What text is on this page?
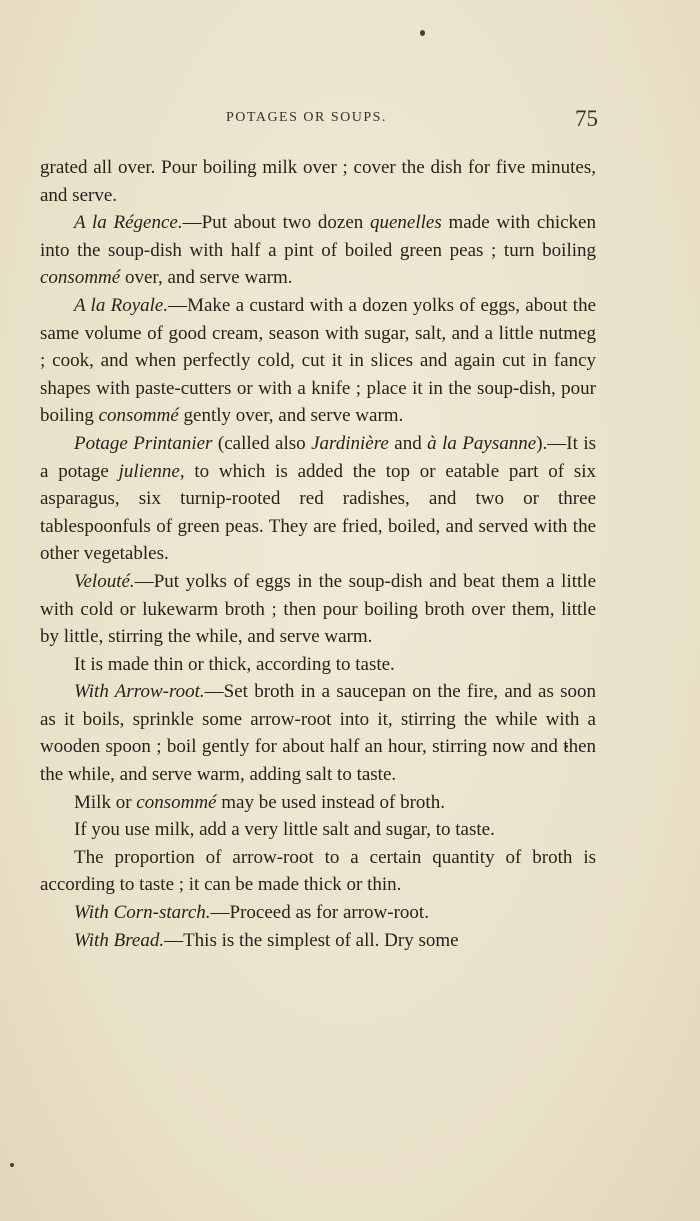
POTAGES OR SOUPS.	75

grated all over. Pour boiling milk over ; cover the dish for five minutes, and serve.

A la Régence.—Put about two dozen quenelles made with chicken into the soup-dish with half a pint of boiled green peas ; turn boiling consommé over, and serve warm.

A la Royale.—Make a custard with a dozen yolks of eggs, about the same volume of good cream, season with sugar, salt, and a little nutmeg ; cook, and when perfectly cold, cut it in slices and again cut in fancy shapes with paste-cutters or with a knife ; place it in the soup-dish, pour boiling consommé gently over, and serve warm.

Potage Printanier (called also Jardinière and à la Paysanne).—It is a potage julienne, to which is added the top or eatable part of six asparagus, six turnip-rooted red radishes, and two or three tablespoonfuls of green peas. They are fried, boiled, and served with the other vegetables.

Velouté.—Put yolks of eggs in the soup-dish and beat them a little with cold or lukewarm broth ; then pour boiling broth over them, little by little, stirring the while, and serve warm.

It is made thin or thick, according to taste.

With Arrow-root.—Set broth in a saucepan on the fire, and as soon as it boils, sprinkle some arrow-root into it, stirring the while with a wooden spoon ; boil gently for about half an hour, stirring now and then the while, and serve warm, adding salt to taste.

Milk or consommé may be used instead of broth.

If you use milk, add a very little salt and sugar, to taste.

The proportion of arrow-root to a certain quantity of broth is according to taste ; it can be made thick or thin.

With Corn-starch.—Proceed as for arrow-root.

With Bread.—This is the simplest of all. Dry some
